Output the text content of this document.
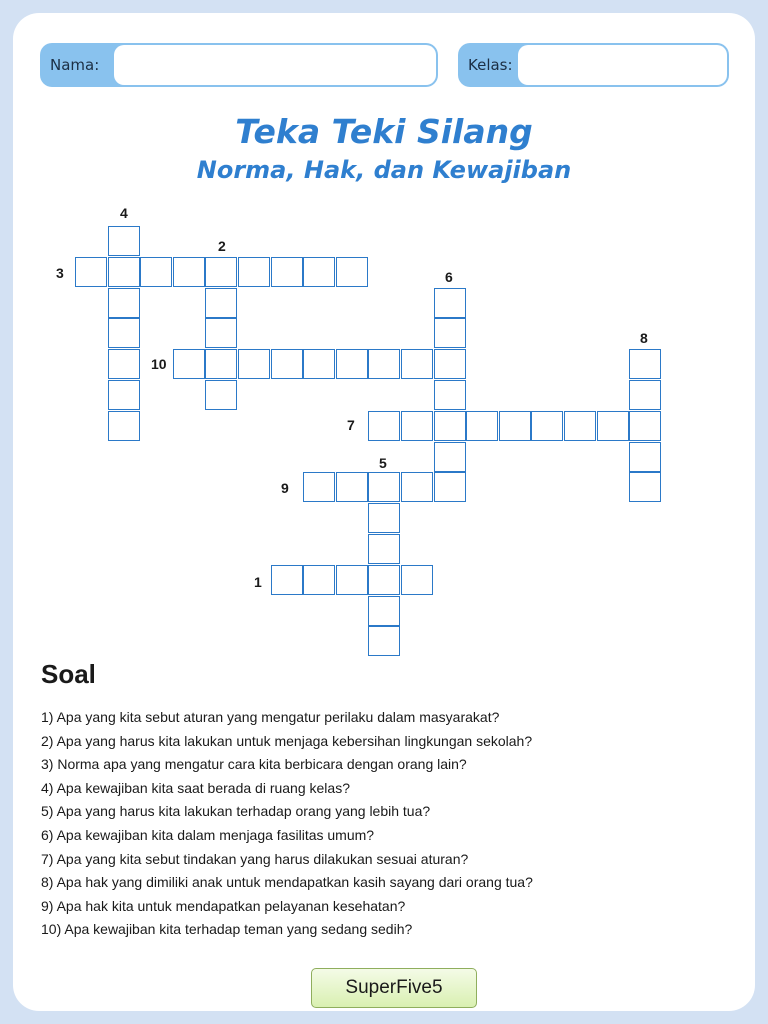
Nama:	Kelas:
Teka Teki Silang
Norma, Hak, dan Kewajiban
1
2
3
4
5
6
7
8
9
10
Soal
1) Apa yang kita sebut aturan yang mengatur perilaku dalam masyarakat?
2) Apa yang harus kita lakukan untuk menjaga kebersihan lingkungan sekolah?
3) Norma apa yang mengatur cara kita berbicara dengan orang lain?
4) Apa kewajiban kita saat berada di ruang kelas?
5) Apa yang harus kita lakukan terhadap orang yang lebih tua?
6) Apa kewajiban kita dalam menjaga fasilitas umum?
7) Apa yang kita sebut tindakan yang harus dilakukan sesuai aturan?
8) Apa hak yang dimiliki anak untuk mendapatkan kasih sayang dari orang tua?
9) Apa hak kita untuk mendapatkan pelayanan kesehatan?
10) Apa kewajiban kita terhadap teman yang sedang sedih?
SuperFive5
